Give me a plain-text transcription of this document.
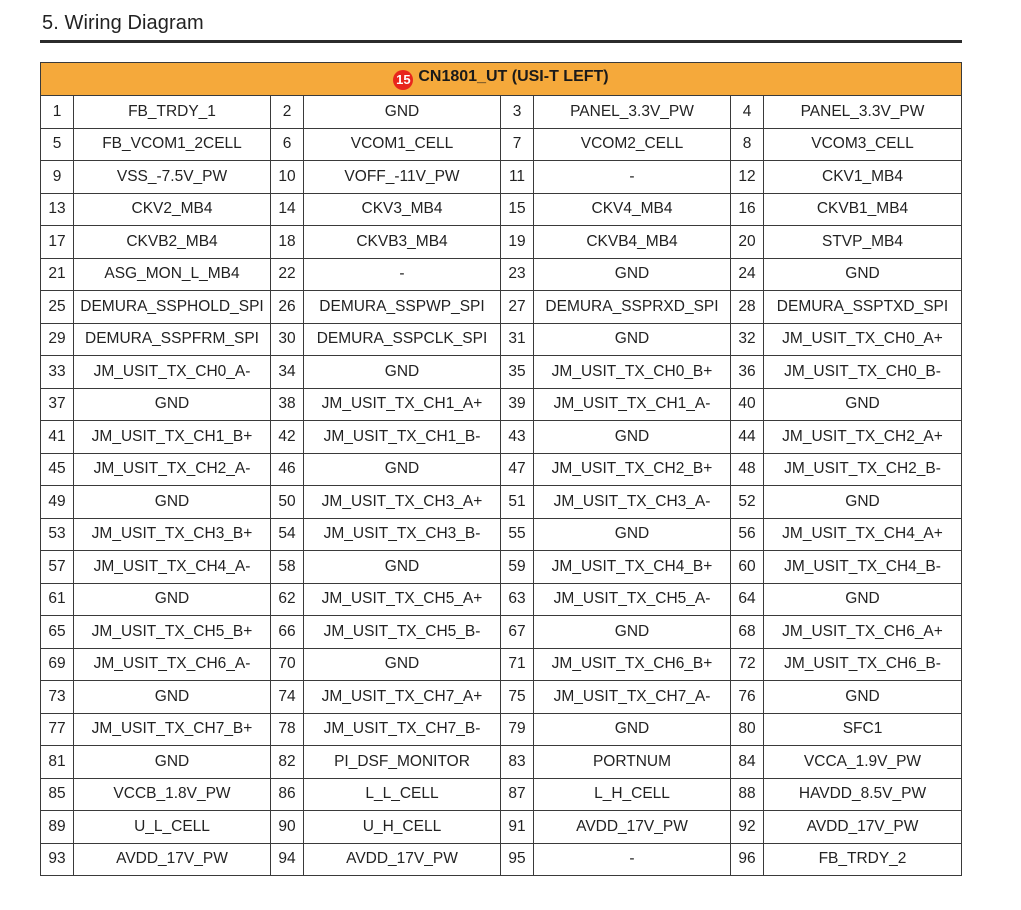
5. Wiring Diagram
15 CN1801_UT (USI-T LEFT)							
1	FB_TRDY_1	2	GND	3	PANEL_3.3V_PW	4	PANEL_3.3V_PW
5	FB_VCOM1_2CELL	6	VCOM1_CELL	7	VCOM2_CELL	8	VCOM3_CELL
9	VSS_-7.5V_PW	10	VOFF_-11V_PW	11	-	12	CKV1_MB4
13	CKV2_MB4	14	CKV3_MB4	15	CKV4_MB4	16	CKVB1_MB4
17	CKVB2_MB4	18	CKVB3_MB4	19	CKVB4_MB4	20	STVP_MB4
21	ASG_MON_L_MB4	22	-	23	GND	24	GND
25	DEMURA_SSPHOLD_SPI	26	DEMURA_SSPWP_SPI	27	DEMURA_SSPRXD_SPI	28	DEMURA_SSPTXD_SPI
29	DEMURA_SSPFRM_SPI	30	DEMURA_SSPCLK_SPI	31	GND	32	JM_USIT_TX_CH0_A+
33	JM_USIT_TX_CH0_A-	34	GND	35	JM_USIT_TX_CH0_B+	36	JM_USIT_TX_CH0_B-
37	GND	38	JM_USIT_TX_CH1_A+	39	JM_USIT_TX_CH1_A-	40	GND
41	JM_USIT_TX_CH1_B+	42	JM_USIT_TX_CH1_B-	43	GND	44	JM_USIT_TX_CH2_A+
45	JM_USIT_TX_CH2_A-	46	GND	47	JM_USIT_TX_CH2_B+	48	JM_USIT_TX_CH2_B-
49	GND	50	JM_USIT_TX_CH3_A+	51	JM_USIT_TX_CH3_A-	52	GND
53	JM_USIT_TX_CH3_B+	54	JM_USIT_TX_CH3_B-	55	GND	56	JM_USIT_TX_CH4_A+
57	JM_USIT_TX_CH4_A-	58	GND	59	JM_USIT_TX_CH4_B+	60	JM_USIT_TX_CH4_B-
61	GND	62	JM_USIT_TX_CH5_A+	63	JM_USIT_TX_CH5_A-	64	GND
65	JM_USIT_TX_CH5_B+	66	JM_USIT_TX_CH5_B-	67	GND	68	JM_USIT_TX_CH6_A+
69	JM_USIT_TX_CH6_A-	70	GND	71	JM_USIT_TX_CH6_B+	72	JM_USIT_TX_CH6_B-
73	GND	74	JM_USIT_TX_CH7_A+	75	JM_USIT_TX_CH7_A-	76	GND
77	JM_USIT_TX_CH7_B+	78	JM_USIT_TX_CH7_B-	79	GND	80	SFC1
81	GND	82	PI_DSF_MONITOR	83	PORTNUM	84	VCCA_1.9V_PW
85	VCCB_1.8V_PW	86	L_L_CELL	87	L_H_CELL	88	HAVDD_8.5V_PW
89	U_L_CELL	90	U_H_CELL	91	AVDD_17V_PW	92	AVDD_17V_PW
93	AVDD_17V_PW	94	AVDD_17V_PW	95	-	96	FB_TRDY_2
